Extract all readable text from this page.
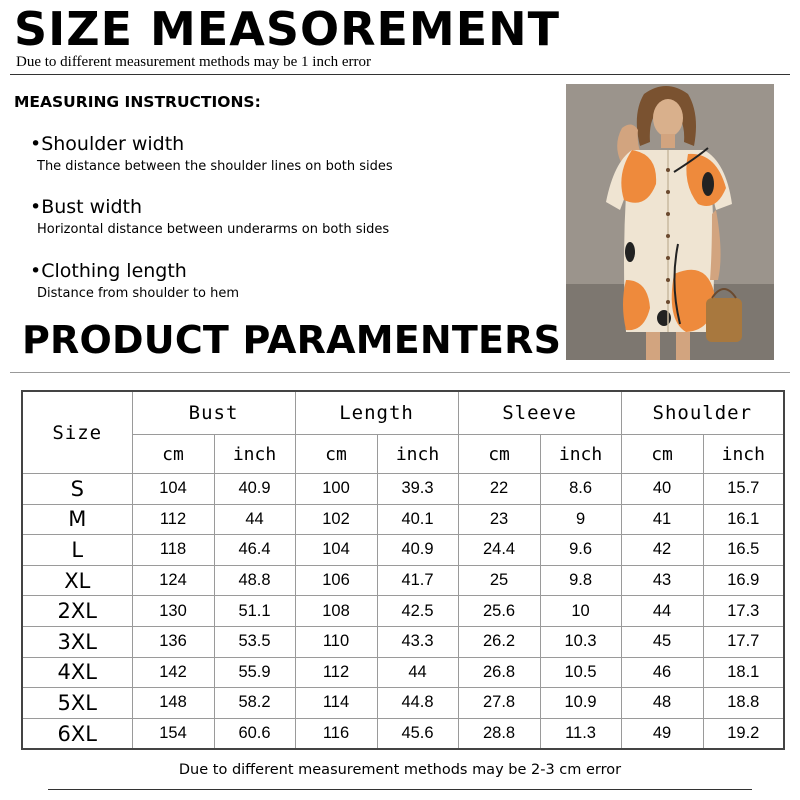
SIZE MEASOREMENT
Due to different measurement methods may be 1 inch error
MEASURING INSTRUCTIONS:
•Shoulder width
The distance between the shoulder lines on both sides
•Bust width
Horizontal distance between underarms on both sides
•Clothing length
Distance from shoulder to hem
PRODUCT PARAMENTERS
Size	Bust		Length		Sleeve		Shoulder	
	cm	inch	cm	inch	cm	inch	cm	inch
S	104	40.9	100	39.3	22	8.6	40	15.7
M	112	44	102	40.1	23	9	41	16.1
L	118	46.4	104	40.9	24.4	9.6	42	16.5
XL	124	48.8	106	41.7	25	9.8	43	16.9
2XL	130	51.1	108	42.5	25.6	10	44	17.3
3XL	136	53.5	110	43.3	26.2	10.3	45	17.7
4XL	142	55.9	112	44	26.8	10.5	46	18.1
5XL	148	58.2	114	44.8	27.8	10.9	48	18.8
6XL	154	60.6	116	45.6	28.8	11.3	49	19.2
Due to different measurement methods may be 2-3 cm error
